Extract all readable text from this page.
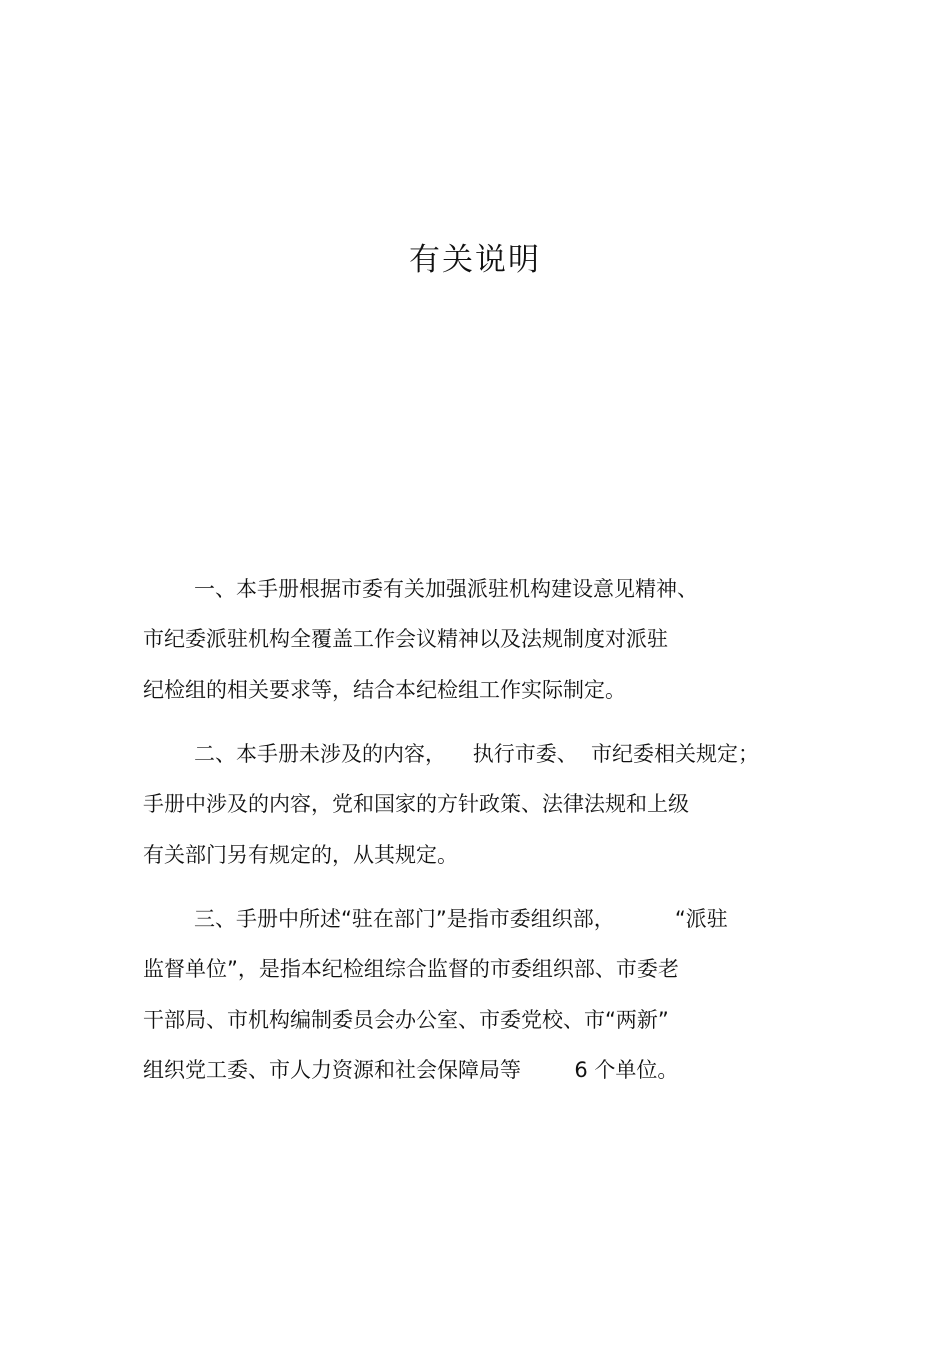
有关说明
一、本手册根据市委有关加强派驻机构建设意见精神、
市纪委派驻机构全覆盖工作会议精神以及法规制度对派驻
纪检组的相关要求等，结合本纪检组工作实际制定。
二、本手册未涉及的内容，    执行市委、  市纪委相关规定；
手册中涉及的内容，党和国家的方针政策、法律法规和上级
有关部门另有规定的，从其规定。
三、手册中所述“驻在部门”是指市委组织部，         “派驻
监督单位”，是指本纪检组综合监督的市委组织部、市委老
干部局、市机构编制委员会办公室、市委党校、市“两新”
组织党工委、市人力资源和社会保障局等        6 个单位。
